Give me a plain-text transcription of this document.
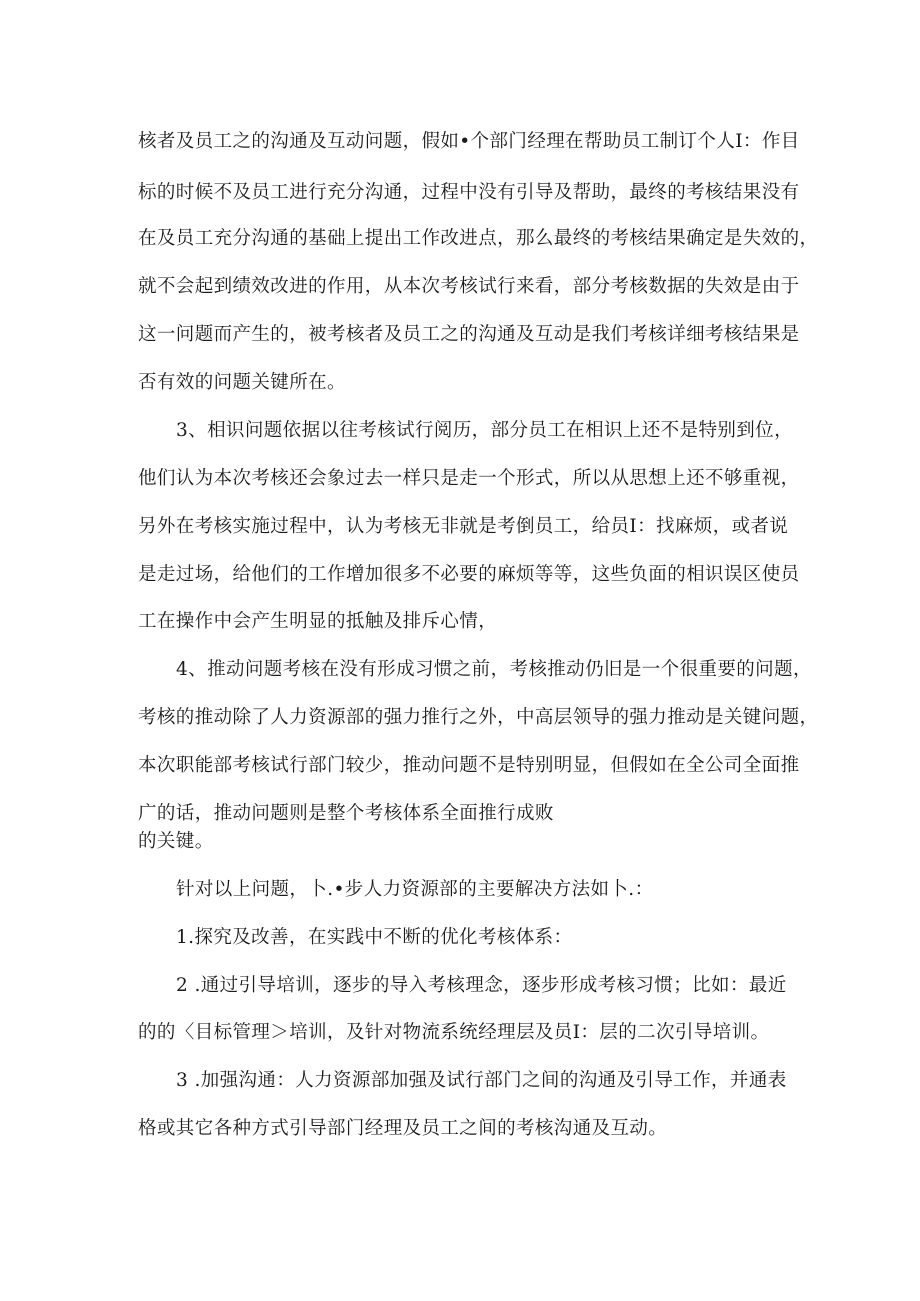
核者及员工之的沟通及互动问题，假如•个部门经理在帮助员工制订个人I：作目
标的时候不及员工进行充分沟通，过程中没有引导及帮助，最终的考核结果没有
在及员工充分沟通的基础上提出工作改进点，那么最终的考核结果确定是失效的，
就不会起到绩效改进的作用，从本次考核试行来看，部分考核数据的失效是由于
这一问题而产生的，被考核者及员工之的沟通及互动是我们考核详细考核结果是
否有效的问题关键所在。
3、相识问题依据以往考核试行阅历，部分员工在相识上还不是特别到位，
他们认为本次考核还会象过去一样只是走一个形式，所以从思想上还不够重视，
另外在考核实施过程中，认为考核无非就是考倒员工，给员I：找麻烦，或者说
是走过场，给他们的工作增加很多不必要的麻烦等等，这些负面的相识误区使员
工在操作中会产生明显的抵触及排斥心情，
4、推动问题考核在没有形成习惯之前，考核推动仍旧是一个很重要的问题，
考核的推动除了人力资源部的强力推行之外，中高层领导的强力推动是关键问题，
本次职能部考核试行部门较少，推动问题不是特别明显，但假如在全公司全面推
广的话，推动问题则是整个考核体系全面推行成败
的关键。
针对以上问题，卜.•步人力资源部的主要解决方法如卜.：
1.探究及改善，在实践中不断的优化考核体系：
2 .通过引导培训，逐步的导入考核理念，逐步形成考核习惯；比如：最近
的的〈目标管理＞培训，及针对物流系统经理层及员I：层的二次引导培训。
3 .加强沟通：人力资源部加强及试行部门之间的沟通及引导工作，并通表
格或其它各种方式引导部门经理及员工之间的考核沟通及互动。
